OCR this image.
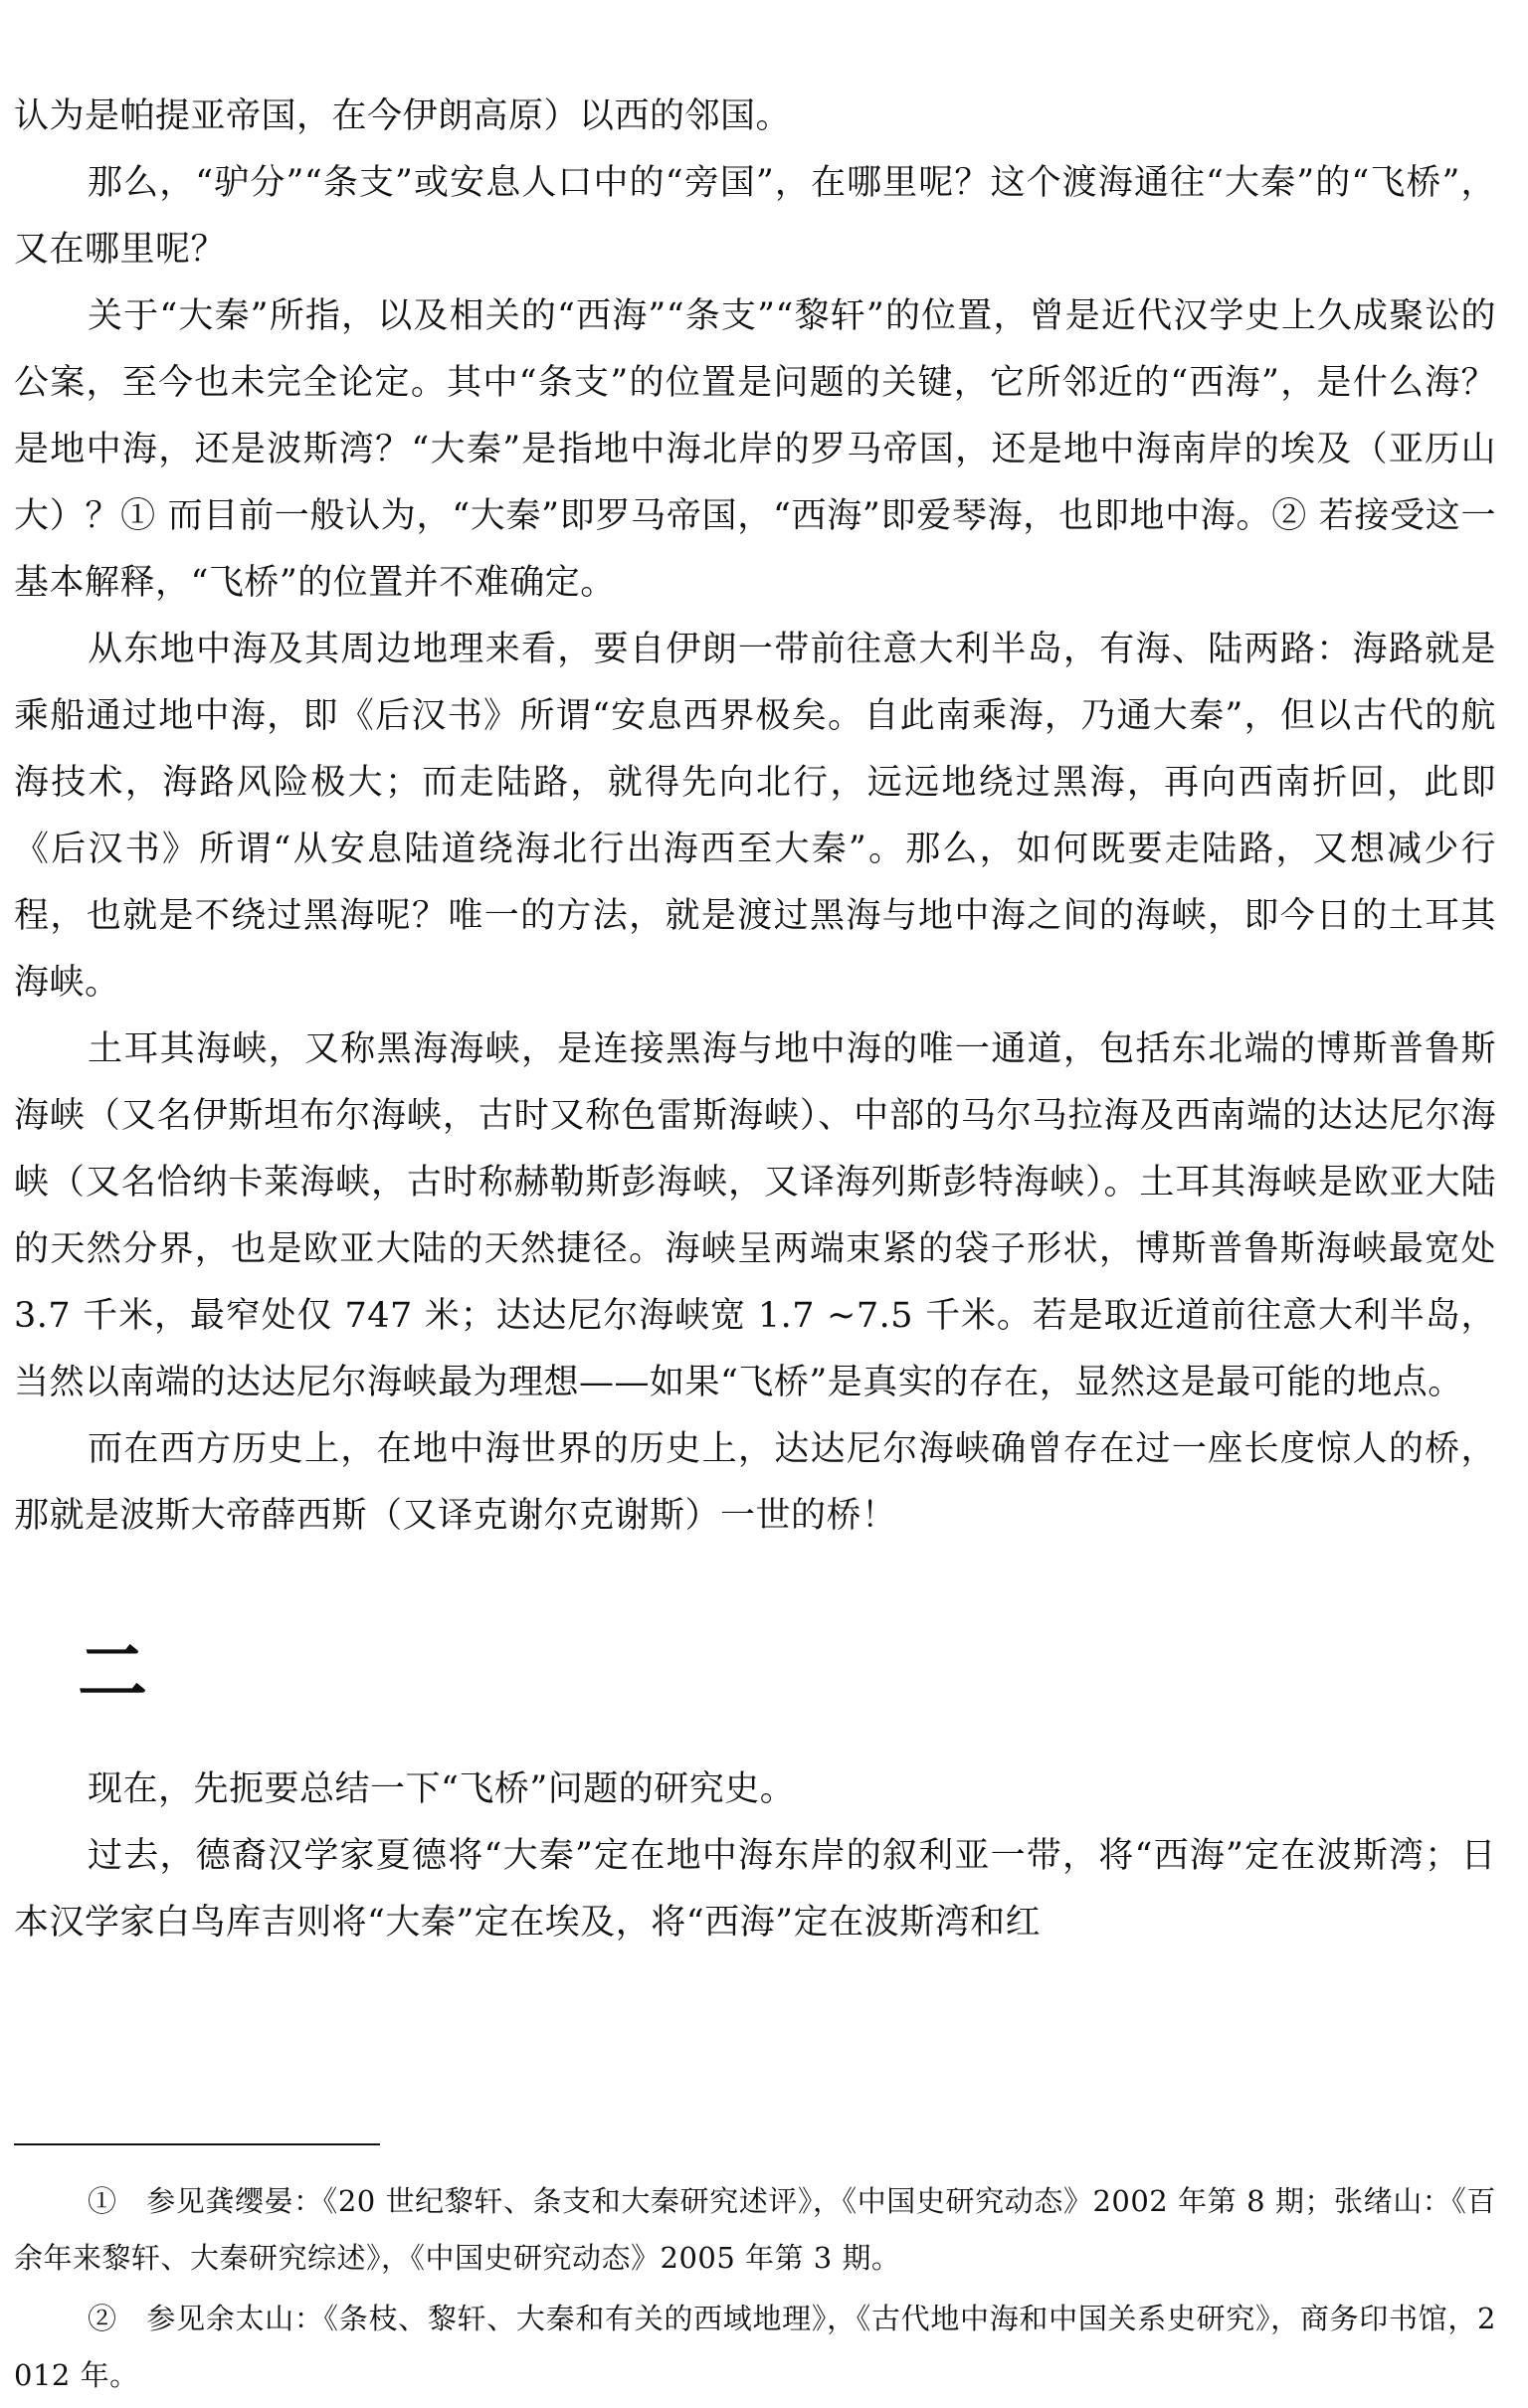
认为是帕提亚帝国，在今伊朗高原）以西的邻国。

那么，“驴分”“条支”或安息人口中的“旁国”，在哪里呢？这个渡海通往“大秦”的“飞桥”，又在哪里呢？

关于“大秦”所指，以及相关的“西海”“条支”“黎轩”的位置，曾是近代汉学史上久成聚讼的公案，至今也未完全论定。其中“条支”的位置是问题的关键，它所邻近的“西海”，是什么海？是地中海，还是波斯湾？“大秦”是指地中海北岸的罗马帝国，还是地中海南岸的埃及（亚历山大）？① 而目前一般认为，“大秦”即罗马帝国，“西海”即爱琴海，也即地中海。② 若接受这一基本解释，“飞桥”的位置并不难确定。

从东地中海及其周边地理来看，要自伊朗一带前往意大利半岛，有海、陆两路：海路就是乘船通过地中海，即《后汉书》所谓“安息西界极矣。自此南乘海，乃通大秦”，但以古代的航海技术，海路风险极大；而走陆路，就得先向北行，远远地绕过黑海，再向西南折回，此即《后汉书》所谓“从安息陆道绕海北行出海西至大秦”。那么，如何既要走陆路，又想减少行程，也就是不绕过黑海呢？唯一的方法，就是渡过黑海与地中海之间的海峡，即今日的土耳其海峡。

土耳其海峡，又称黑海海峡，是连接黑海与地中海的唯一通道，包括东北端的博斯普鲁斯海峡（又名伊斯坦布尔海峡，古时又称色雷斯海峡）、中部的马尔马拉海及西南端的达达尼尔海峡（又名恰纳卡莱海峡，古时称赫勒斯彭海峡，又译海列斯彭特海峡）。土耳其海峡是欧亚大陆的天然分界，也是欧亚大陆的天然捷径。海峡呈两端束紧的袋子形状，博斯普鲁斯海峡最宽处 3.7 千米，最窄处仅 747 米；达达尼尔海峡宽 1.7 ~7.5 千米。若是取近道前往意大利半岛，当然以南端的达达尼尔海峡最为理想——如果“飞桥”是真实的存在，显然这是最可能的地点。

而在西方历史上，在地中海世界的历史上，达达尼尔海峡确曾存在过一座长度惊人的桥，那就是波斯大帝薛西斯（又译克谢尔克谢斯）一世的桥！

二

现在，先扼要总结一下“飞桥”问题的研究史。

过去，德裔汉学家夏德将“大秦”定在地中海东岸的叙利亚一带，将“西海”定在波斯湾；日本汉学家白鸟库吉则将“大秦”定在埃及，将“西海”定在波斯湾和红

①　参见龚缨晏：《20 世纪黎轩、条支和大秦研究述评》，《中国史研究动态》2002 年第 8 期；张绪山：《百余年来黎轩、大秦研究综述》，《中国史研究动态》2005 年第 3 期。

②　参见余太山：《条枝、黎轩、大秦和有关的西域地理》，《古代地中海和中国关系史研究》，商务印书馆，2012 年。
